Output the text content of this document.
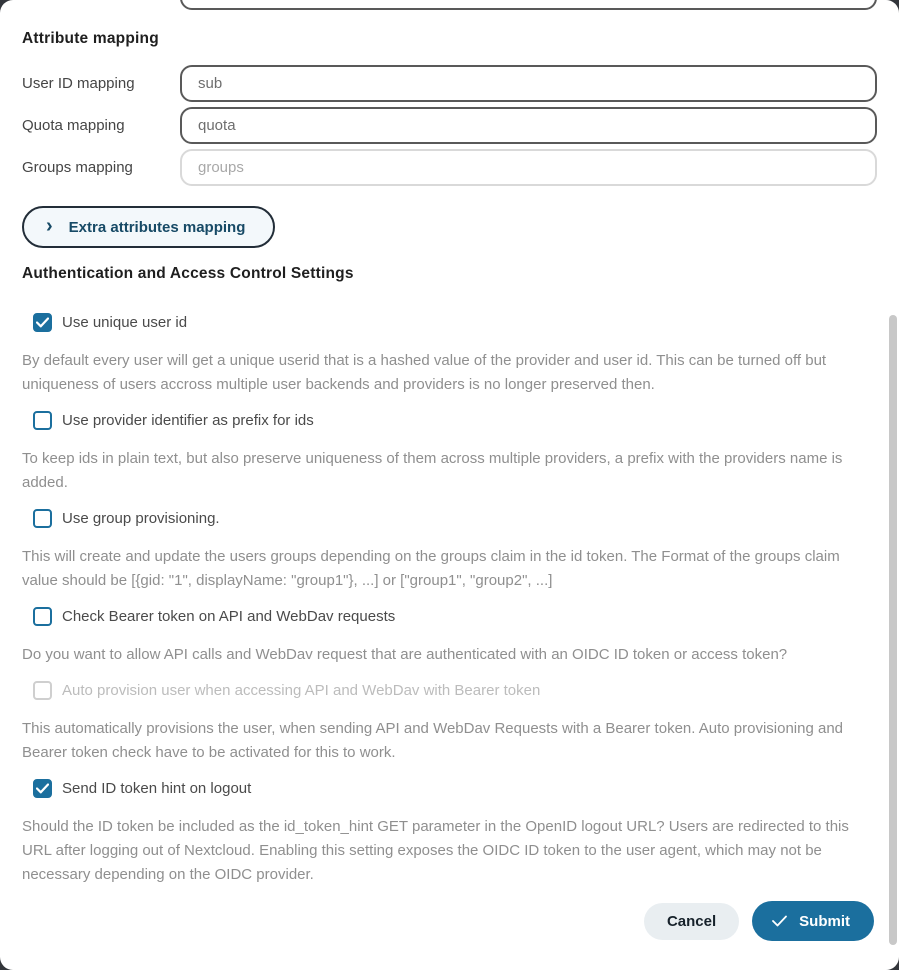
Attribute mapping
User ID mapping
sub
Quota mapping
quota
Groups mapping
groups
› Extra attributes mapping
Authentication and Access Control Settings
Use unique user id

By default every user will get a unique userid that is a hashed value of the provider and user id. This can be turned off but uniqueness of users accross multiple user backends and providers is no longer preserved then.

Use provider identifier as prefix for ids

To keep ids in plain text, but also preserve uniqueness of them across multiple providers, a prefix with the providers name is added.

Use group provisioning.

This will create and update the users groups depending on the groups claim in the id token. The Format of the groups claim value should be [{gid: "1", displayName: "group1"}, ...] or ["group1", "group2", ...]

Check Bearer token on API and WebDav requests

Do you want to allow API calls and WebDav request that are authenticated with an OIDC ID token or access token?

Auto provision user when accessing API and WebDav with Bearer token

This automatically provisions the user, when sending API and WebDav Requests with a Bearer token. Auto provisioning and Bearer token check have to be activated for this to work.

Send ID token hint on logout

Should the ID token be included as the id_token_hint GET parameter in the OpenID logout URL? Users are redirected to this URL after logging out of Nextcloud. Enabling this setting exposes the OIDC ID token to the user agent, which may not be necessary depending on the OIDC provider.

Cancel	Submit
